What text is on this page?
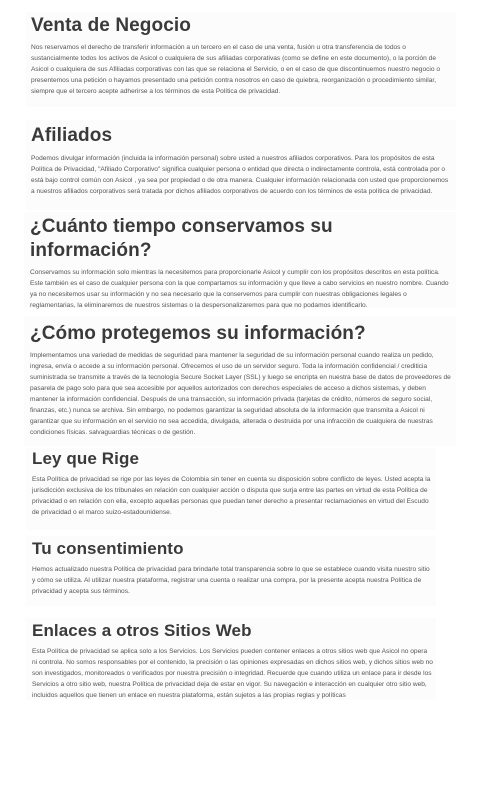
Venta de Negocio

Nos reservamos el derecho de transferir información a un tercero en el caso de una venta, fusión u otra transferencia de todos o sustancialmente todos los activos de Asicol o cualquiera de sus afiliadas corporativas (como se define en este documento), o la porción de Asicol o cualquiera de sus Afiliadas corporativas con las que se relaciona el Servicio, o en el caso de que discontinuemos nuestro negocio o presentemos una petición o hayamos presentado una petición contra nosotros en caso de quiebra, reorganización o procedimiento similar, siempre que el tercero acepte adherirse a los términos de esta Política de privacidad.

Afiliados

Podemos divulgar información (incluida la información personal) sobre usted a nuestros afiliados corporativos. Para los propósitos de esta Política de Privacidad, "Afiliado Corporativo" significa cualquier persona o entidad que directa o indirectamente controla, está controlada por o está bajo control común con Asicol , ya sea por propiedad o de otra manera. Cualquier información relacionada con usted que proporcionemos a nuestros afiliados corporativos será tratada por dichos afiliados corporativos de acuerdo con los términos de esta política de privacidad.

¿Cuánto tiempo conservamos su información?

Conservamos su información solo mientras la necesitemos para proporcionarle Asicol y cumplir con los propósitos descritos en esta política. Este también es el caso de cualquier persona con la que compartamos su información y que lleve a cabo servicios en nuestro nombre. Cuando ya no necesitemos usar su información y no sea necesario que la conservemos para cumplir con nuestras obligaciones legales o reglamentarias, la eliminaremos de nuestros sistemas o la despersonalizaremos para que no podamos identificarlo.

¿Cómo protegemos su información?

Implementamos una variedad de medidas de seguridad para mantener la seguridad de su información personal cuando realiza un pedido, ingresa, envía o accede a su información personal. Ofrecemos el uso de un servidor seguro. Toda la información confidencial / crediticia suministrada se transmite a través de la tecnología Secure Socket Layer (SSL) y luego se encripta en nuestra base de datos de proveedores de pasarela de pago solo para que sea accesible por aquellos autorizados con derechos especiales de acceso a dichos sistemas, y deben mantener la información confidencial. Después de una transacción, su información privada (tarjetas de crédito, números de seguro social, finanzas, etc.) nunca se archiva. Sin embargo, no podemos garantizar la seguridad absoluta de la información que transmita a Asicol ni garantizar que su información en el servicio no sea accedida, divulgada, alterada o destruida por una infracción de cualquiera de nuestras condiciones físicas. salvaguardias técnicas o de gestión.

Ley que Rige

Esta Política de privacidad se rige por las leyes de Colombia sin tener en cuenta su disposición sobre conflicto de leyes. Usted acepta la jurisdicción exclusiva de los tribunales en relación con cualquier acción o disputa que surja entre las partes en virtud de esta Política de privacidad o en relación con ella, excepto aquellas personas que puedan tener derecho a presentar reclamaciones en virtud del Escudo de privacidad o el marco suizo-estadounidense.

Tu consentimiento

Hemos actualizado nuestra Política de privacidad para brindarle total transparencia sobre lo que se establece cuando visita nuestro sitio y cómo se utiliza. Al utilizar nuestra plataforma, registrar una cuenta o realizar una compra, por la presente acepta nuestra Política de privacidad y acepta sus términos.

Enlaces a otros Sitios Web

Esta Política de privacidad se aplica solo a los Servicios. Los Servicios pueden contener enlaces a otros sitios web que Asicol no opera ni controla. No somos responsables por el contenido, la precisión o las opiniones expresadas en dichos sitios web, y dichos sitios web no son investigados, monitoreados o verificados por nuestra precisión o integridad. Recuerde que cuando utiliza un enlace para ir desde los Servicios a otro sitio web, nuestra Política de privacidad deja de estar en vigor. Su navegación e interacción en cualquier otro sitio web, incluidos aquellos que tienen un enlace en nuestra plataforma, están sujetos a las propias reglas y políticas
